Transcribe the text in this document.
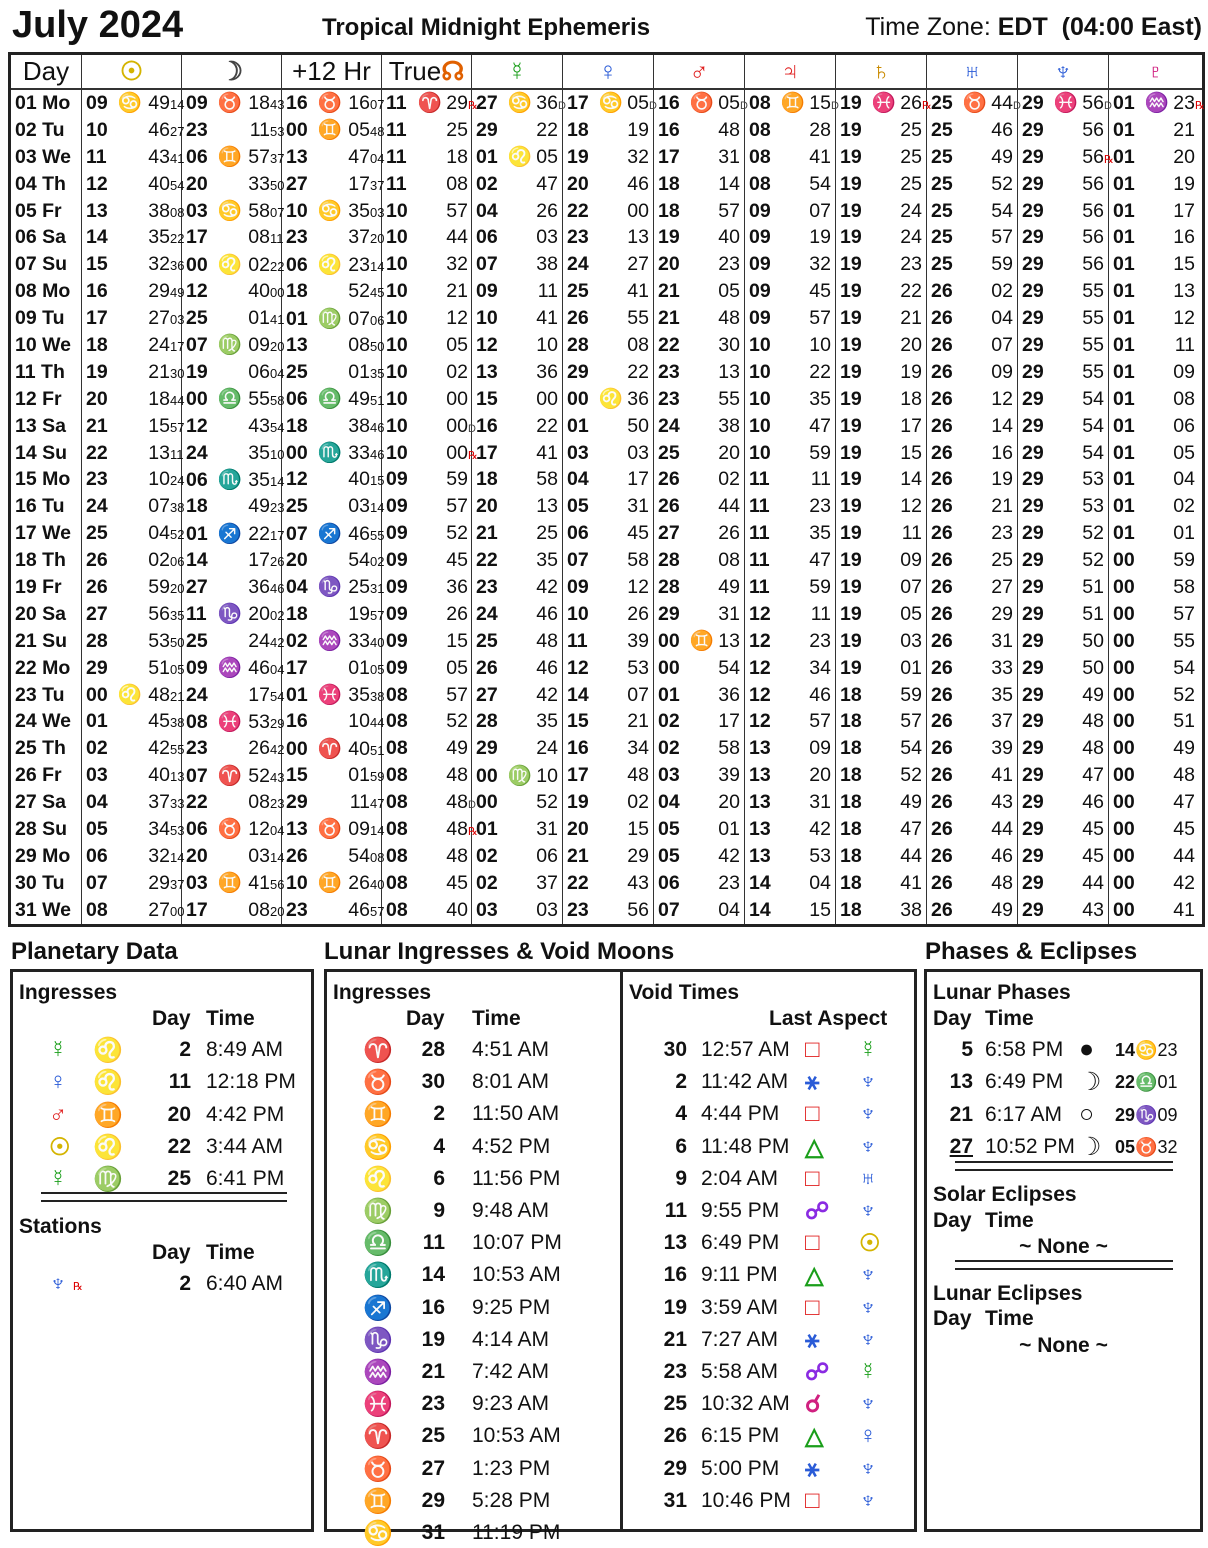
July 2024	Tropical Midnight Ephemeris	Time Zone: EDT (04:00 East)
Day	☉	☽	+12 Hr	True☊	☿	♀	♂	♃	♄	♅	♆	♇
01 Mo	09 ♋ 4914	09 ♉ 1843	16 ♉ 1607	11 ♈ 29℞	27 ♋ 36D	17 ♋ 05D	16 ♉ 05D	08 ♊ 15D	19 ♓ 26℞	25 ♉ 44D	29 ♓ 56D	01 ♒ 23℞
02 Tu	10 4627	23 1153	00 ♊ 0548	11 25	29 22	18 19	16 48	08 28	19 25	25 46	29 56	01 21
03 We	11 4341	06 ♊ 5737	13 4704	11 18	01 ♌ 05	19 32	17 31	08 41	19 25	25 49	29 56℞	01 20
04 Th	12 4054	20 3350	27 1737	11 08	02 47	20 46	18 14	08 54	19 25	25 52	29 56	01 19
05 Fr	13 3808	03 ♋ 5807	10 ♋ 3503	10 57	04 26	22 00	18 57	09 07	19 24	25 54	29 56	01 17
06 Sa	14 3522	17 0811	23 3720	10 44	06 03	23 13	19 40	09 19	19 24	25 57	29 56	01 16
07 Su	15 3236	00 ♌ 0222	06 ♌ 2314	10 32	07 38	24 27	20 23	09 32	19 23	25 59	29 56	01 15
08 Mo	16 2949	12 4000	18 5245	10 21	09 11	25 41	21 05	09 45	19 22	26 02	29 55	01 13
09 Tu	17 2703	25 0141	01 ♍ 0706	10 12	10 41	26 55	21 48	09 57	19 21	26 04	29 55	01 12
10 We	18 2417	07 ♍ 0920	13 0850	10 05	12 10	28 08	22 30	10 10	19 20	26 07	29 55	01 11
11 Th	19 2130	19 0604	25 0135	10 02	13 36	29 22	23 13	10 22	19 19	26 09	29 55	01 09
12 Fr	20 1844	00 ♎ 5558	06 ♎ 4951	10 00	15 00	00 ♌ 36	23 55	10 35	19 18	26 12	29 54	01 08
13 Sa	21 1557	12 4354	18 3846	10 00D	16 22	01 50	24 38	10 47	19 17	26 14	29 54	01 06
14 Su	22 1311	24 3510	00 ♏ 3346	10 00℞	17 41	03 03	25 20	10 59	19 15	26 16	29 54	01 05
15 Mo	23 1024	06 ♏ 3514	12 4015	09 59	18 58	04 17	26 02	11 11	19 14	26 19	29 53	01 04
16 Tu	24 0738	18 4923	25 0314	09 57	20 13	05 31	26 44	11 23	19 12	26 21	29 53	01 02
17 We	25 0452	01 ♐ 2217	07 ♐ 4655	09 52	21 25	06 45	27 26	11 35	19 11	26 23	29 52	01 01
18 Th	26 0206	14 1726	20 5402	09 45	22 35	07 58	28 08	11 47	19 09	26 25	29 52	00 59
19 Fr	26 5920	27 3646	04 ♑ 2531	09 36	23 42	09 12	28 49	11 59	19 07	26 27	29 51	00 58
20 Sa	27 5635	11 ♑ 2002	18 1957	09 26	24 46	10 26	29 31	12 11	19 05	26 29	29 51	00 57
21 Su	28 5350	25 2442	02 ♒ 3340	09 15	25 48	11 39	00 ♊ 13	12 23	19 03	26 31	29 50	00 55
22 Mo	29 5105	09 ♒ 4604	17 0105	09 05	26 46	12 53	00 54	12 34	19 01	26 33	29 50	00 54
23 Tu	00 ♌ 4821	24 1754	01 ♓ 3538	08 57	27 42	14 07	01 36	12 46	18 59	26 35	29 49	00 52
24 We	01 4538	08 ♓ 5329	16 1044	08 52	28 35	15 21	02 17	12 57	18 57	26 37	29 48	00 51
25 Th	02 4255	23 2642	00 ♈ 4051	08 49	29 24	16 34	02 58	13 09	18 54	26 39	29 48	00 49
26 Fr	03 4013	07 ♈ 5243	15 0159	08 48	00 ♍ 10	17 48	03 39	13 20	18 52	26 41	29 47	00 48
27 Sa	04 3733	22 0823	29 1147	08 48D	00 52	19 02	04 20	13 31	18 49	26 43	29 46	00 47
28 Su	05 3453	06 ♉ 1204	13 ♉ 0914	08 48℞	01 31	20 15	05 01	13 42	18 47	26 44	29 45	00 45
29 Mo	06 3214	20 0314	26 5408	08 48	02 06	21 29	05 42	13 53	18 44	26 46	29 45	00 44
30 Tu	07 2937	03 ♊ 4156	10 ♊ 2640	08 45	02 37	22 43	06 23	14 04	18 41	26 48	29 44	00 42
31 We	08 2700	17 0820	23 4657	08 40	03 03	23 56	07 04	14 15	18 38	26 49	29 43	00 41
Planetary Data	Lunar Ingresses & Void Moons	Phases & Eclipses
Ingresses
Day Time
☿ ♌	2 8:49 AM
♀ ♌	11 12:18 PM
♂ ♊	20 4:42 PM
☉ ♌	22 3:44 AM
☿ ♍	25 6:41 PM
Stations
Day Time
♆ ℞	2 6:40 AM
Ingresses
Day Time
♈	28 4:51 AM
♉	30 8:01 AM
♊	2 11:50 AM
♋	4 4:52 PM
♌	6 11:56 PM
♍	9 9:48 AM
♎	11 10:07 PM
♏	14 10:53 AM
♐	16 9:25 PM
♑	19 4:14 AM
♒	21 7:42 AM
♓	23 9:23 AM
♈	25 10:53 AM
♉	27 1:23 PM
♊	29 5:28 PM
♋	31 11:19 PM
Void Times
Last Aspect
30 12:57 AM □ ☿
2 11:42 AM ⚹ ♆
4 4:44 PM □ ♆
6 11:48 PM △ ♆
9 2:04 AM □ ♅
11 9:55 PM ☍ ♆
13 6:49 PM □ ☉
16 9:11 PM △ ♆
19 3:59 AM □ ♆
21 7:27 AM ⚹ ♆
23 5:58 AM ☍ ☿
25 10:32 AM ☌ ♆
26 6:15 PM △ ♀
29 5:00 PM ⚹ ♆
31 10:46 PM □ ♆
Lunar Phases
Day Time
5 6:58 PM ● 14♋23
13 6:49 PM ☽ 22♎01
21 6:17 AM ○ 29♑09
27 10:52 PM ☽ 05♉32
Solar Eclipses
Day Time
~ None ~
Lunar Eclipses
Day Time
~ None ~
